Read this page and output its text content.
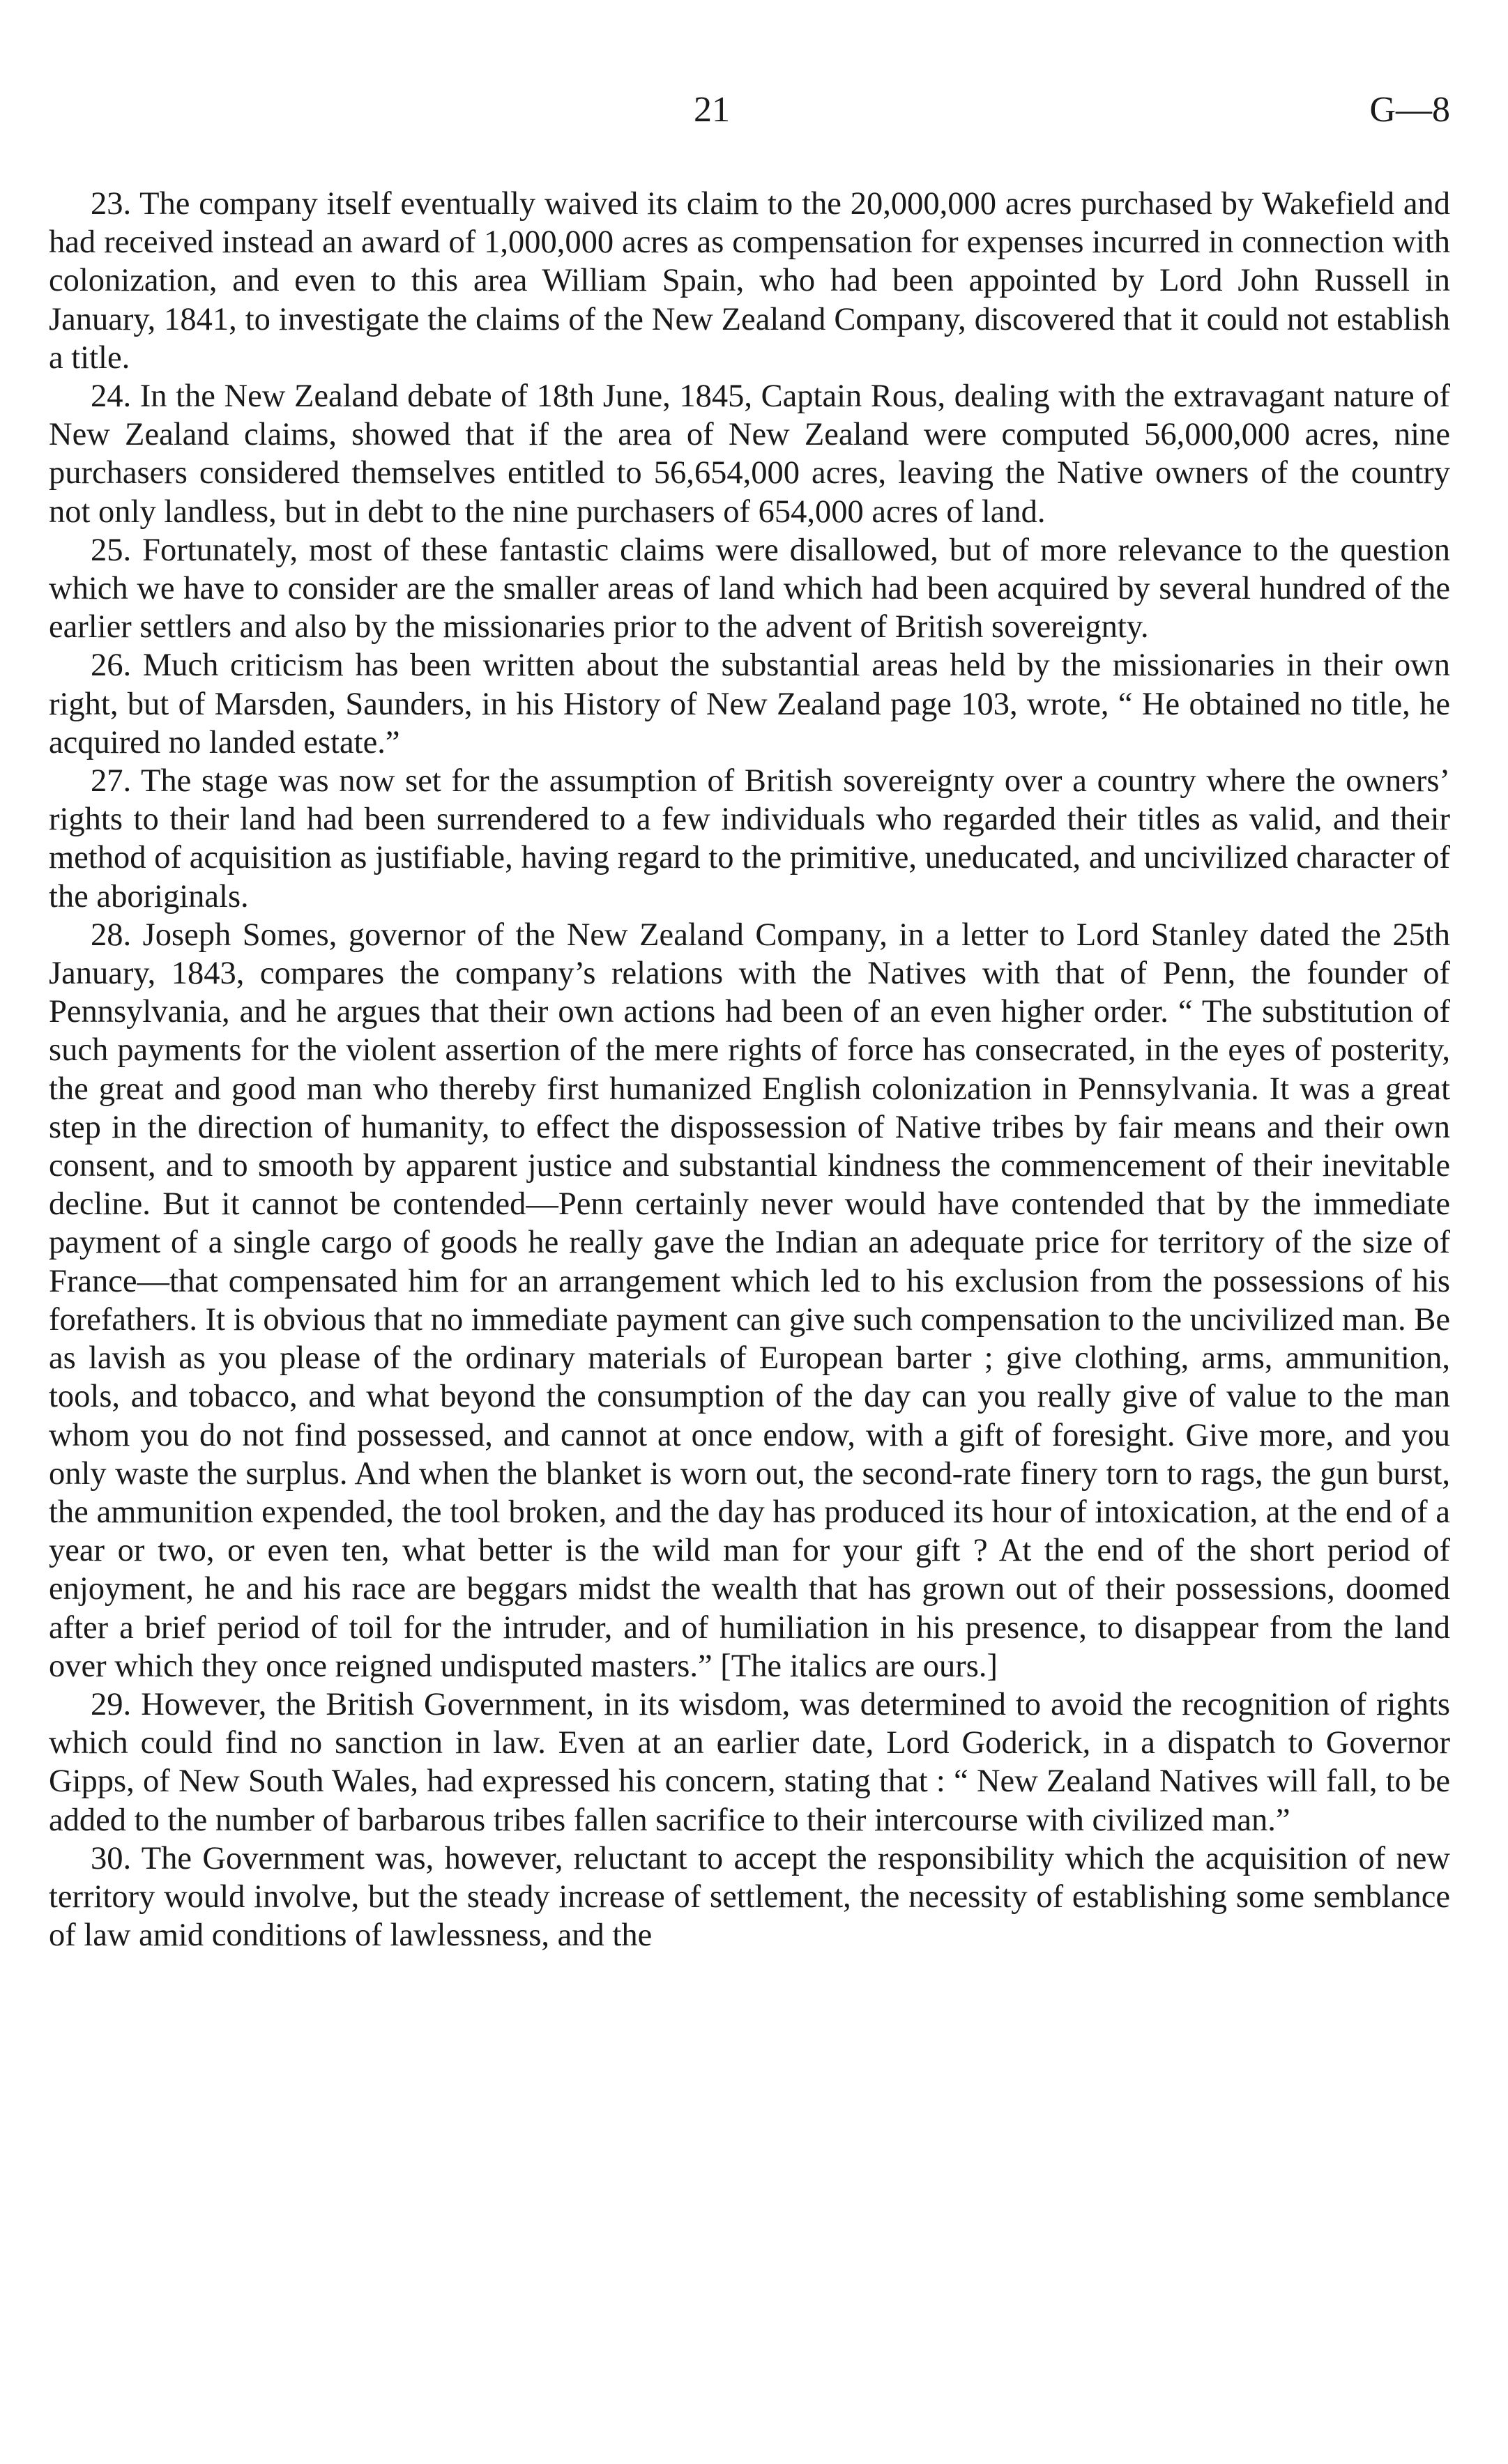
21	G—8

23. The company itself eventually waived its claim to the 20,000,000 acres purchased by Wakefield and had received instead an award of 1,000,000 acres as compensation for expenses incurred in connection with colonization, and even to this area William Spain, who had been appointed by Lord John Russell in January, 1841, to investigate the claims of the New Zealand Company, discovered that it could not establish a title.

24. In the New Zealand debate of 18th June, 1845, Captain Rous, dealing with the extravagant nature of New Zealand claims, showed that if the area of New Zealand were computed 56,000,000 acres, nine purchasers considered themselves entitled to 56,654,000 acres, leaving the Native owners of the country not only landless, but in debt to the nine purchasers of 654,000 acres of land.

25. Fortunately, most of these fantastic claims were disallowed, but of more relevance to the question which we have to consider are the smaller areas of land which had been acquired by several hundred of the earlier settlers and also by the missionaries prior to the advent of British sovereignty.

26. Much criticism has been written about the substantial areas held by the missionaries in their own right, but of Marsden, Saunders, in his History of New Zealand page 103, wrote, “ He obtained no title, he acquired no landed estate.”

27. The stage was now set for the assumption of British sovereignty over a country where the owners’ rights to their land had been surrendered to a few individuals who regarded their titles as valid, and their method of acquisition as justifiable, having regard to the primitive, uneducated, and uncivilized character of the aboriginals.

28. Joseph Somes, governor of the New Zealand Company, in a letter to Lord Stanley dated the 25th January, 1843, compares the company’s relations with the Natives with that of Penn, the founder of Pennsylvania, and he argues that their own actions had been of an even higher order. “ The substitution of such payments for the violent assertion of the mere rights of force has consecrated, in the eyes of posterity, the great and good man who thereby first humanized English colonization in Pennsylvania. It was a great step in the direction of humanity, to effect the dispossession of Native tribes by fair means and their own consent, and to smooth by apparent justice and substantial kindness the commencement of their inevitable decline. But it cannot be contended—Penn certainly never would have contended that by the immediate payment of a single cargo of goods he really gave the Indian an adequate price for territory of the size of France—that compensated him for an arrangement which led to his exclusion from the possessions of his forefathers. It is obvious that no immediate payment can give such compensation to the uncivilized man. Be as lavish as you please of the ordinary materials of European barter ; give clothing, arms, ammunition, tools, and tobacco, and what beyond the consumption of the day can you really give of value to the man whom you do not find possessed, and cannot at once endow, with a gift of foresight. Give more, and you only waste the surplus. And when the blanket is worn out, the second-rate finery torn to rags, the gun burst, the ammunition expended, the tool broken, and the day has produced its hour of intoxication, at the end of a year or two, or even ten, what better is the wild man for your gift ? At the end of the short period of enjoyment, he and his race are beggars midst the wealth that has grown out of their possessions, doomed after a brief period of toil for the intruder, and of humiliation in his presence, to disappear from the land over which they once reigned undisputed masters.” [The italics are ours.]

29. However, the British Government, in its wisdom, was determined to avoid the recognition of rights which could find no sanction in law. Even at an earlier date, Lord Goderick, in a dispatch to Governor Gipps, of New South Wales, had expressed his concern, stating that : “ New Zealand Natives will fall, to be added to the number of barbarous tribes fallen sacrifice to their intercourse with civilized man.”

30. The Government was, however, reluctant to accept the responsibility which the acquisition of new territory would involve, but the steady increase of settlement, the necessity of establishing some semblance of law amid conditions of lawlessness, and the
